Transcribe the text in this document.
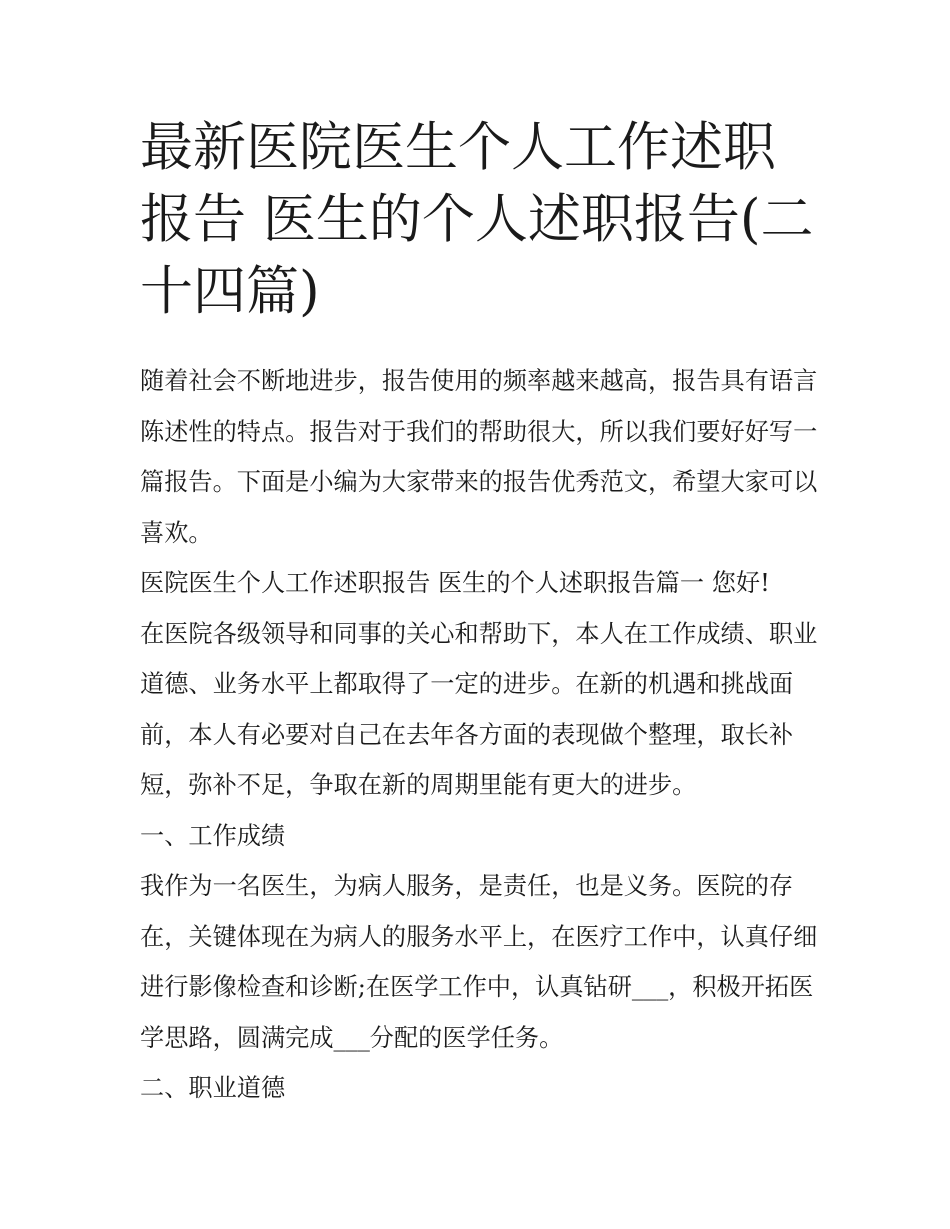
最新医院医生个人工作述职报告 医生的个人述职报告(二十四篇)

随着社会不断地进步，报告使用的频率越来越高，报告具有语言陈述性的特点。报告对于我们的帮助很大，所以我们要好好写一篇报告。下面是小编为大家带来的报告优秀范文，希望大家可以喜欢。

医院医生个人工作述职报告 医生的个人述职报告篇一 您好!

在医院各级领导和同事的关心和帮助下，本人在工作成绩、职业道德、业务水平上都取得了一定的进步。在新的机遇和挑战面前，本人有必要对自己在去年各方面的表现做个整理，取长补短，弥补不足，争取在新的周期里能有更大的进步。

一、工作成绩

我作为一名医生，为病人服务，是责任，也是义务。医院的存在，关键体现在为病人的服务水平上，在医疗工作中，认真仔细进行影像检查和诊断;在医学工作中，认真钻研___，积极开拓医学思路，圆满完成___分配的医学任务。

二、职业道德
